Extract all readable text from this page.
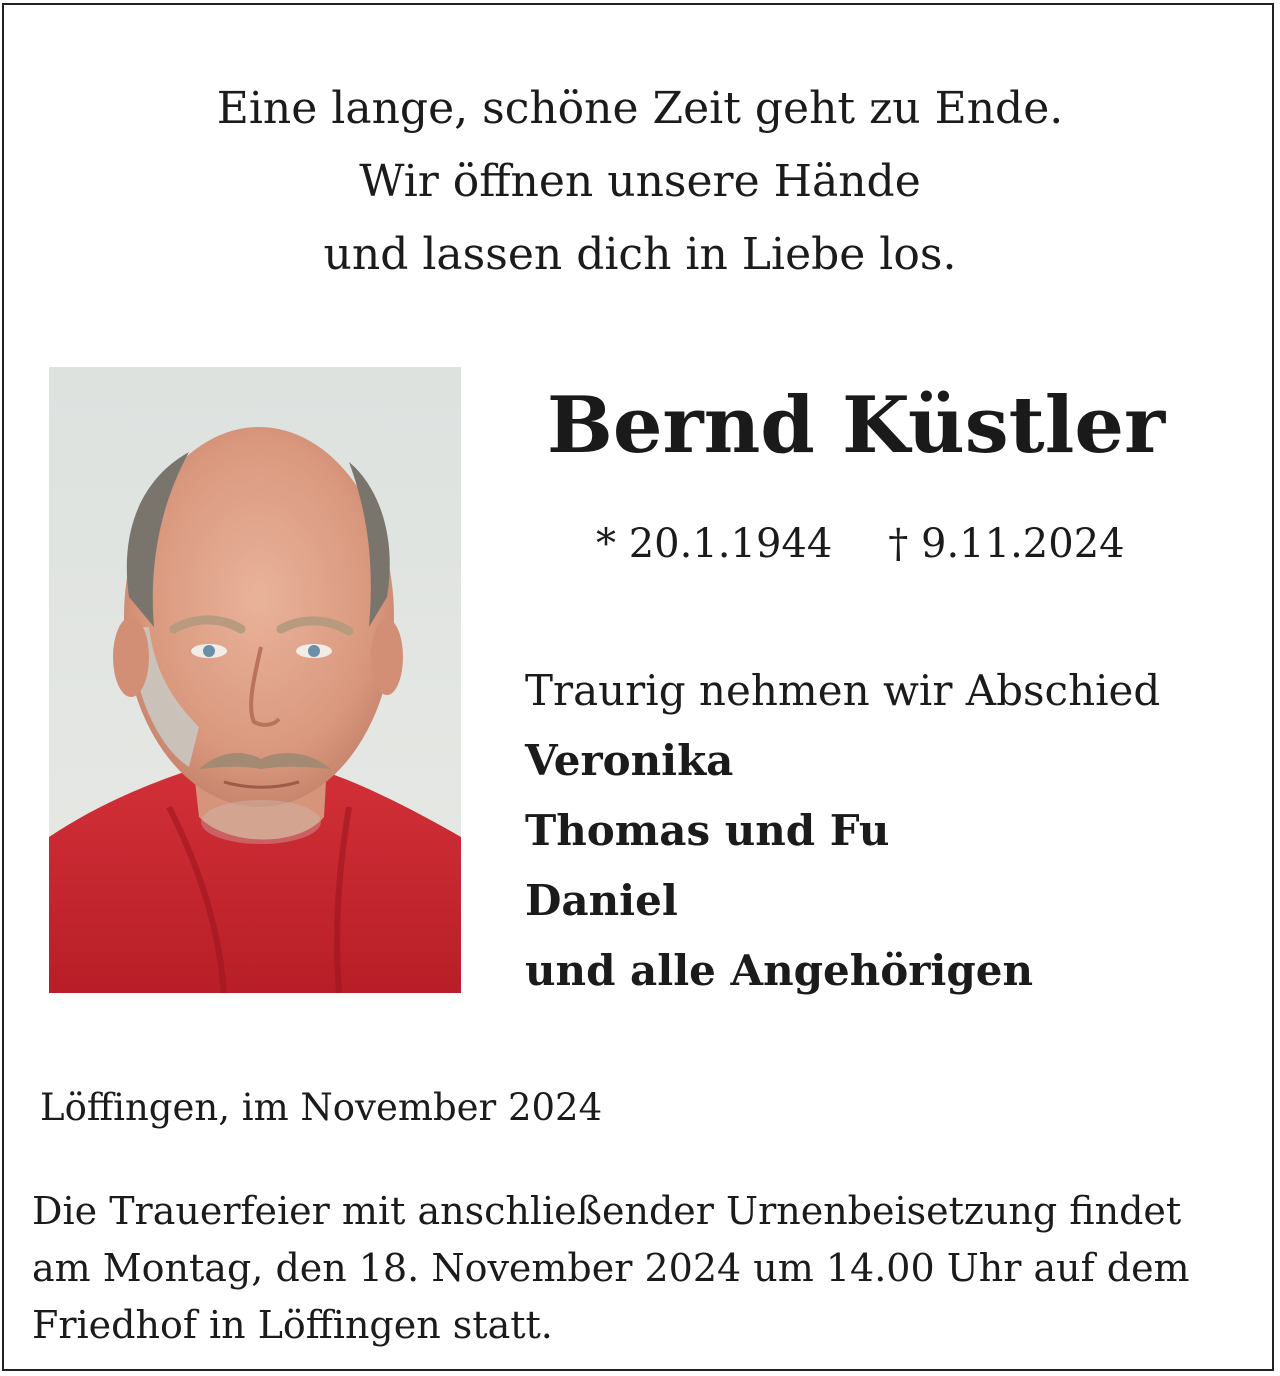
Eine lange, schöne Zeit geht zu Ende.
Wir öffnen unsere Hände
und lassen dich in Liebe los.
Bernd Küstler
* 20.1.1944 † 9.11.2024
Traurig nehmen wir Abschied
Veronika
Thomas und Fu
Daniel
und alle Angehörigen
Löffingen, im November 2024
Die Trauerfeier mit anschließender Urnenbeisetzung findet
am Montag, den 18. November 2024 um 14.00 Uhr auf dem
Friedhof in Löffingen statt.
